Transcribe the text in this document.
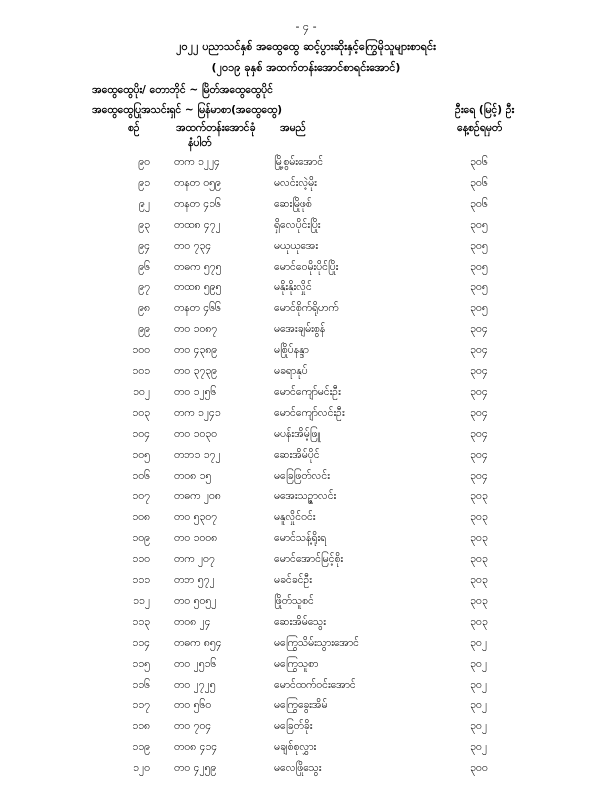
- ၄ -
၂၀၂၂ ပညာသင်နှစ် အထွေထွေ ဆင့်ပွားဆိုးနှင့်ကြွေမိုသူများစာရင်း
(၂၀၁၉ ခုနှစ် အထက်တန်းအောင်စာရင်းအောင်)
အထွေထွေပိုး/ တောဘိုင် ~ မြိတ်အထွေထွေပိုင်
အထွေထွေပြုအသင်းရှင် ~ မြန်မာစာ(အထွေထွေ)	ဦးရေ (မြင့်) ဦး
စဉ်	အထက်တန်းအောင်ခုံ
နံပါတ်
အမည်	နေ့စဉ်ရမှတ်
၉၀ တက ၁၂၂၄	မြို့စွမ်းအောင်	၃၀၆
၉၁ တနတ ၀၅၉	မလင်းလဲ့မိုး	၃၀၆
၉၂ တနတ ၄၁၆	ဆေးမြိုဖုစ်	၃၀၆
၉၃ တထ၈ ၄၇၂	ရှိလေပိုင်းပြိုး	၃၀၅
၉၄ တဝ ၇၃၄	မယုယုအေး	၃၀၅
၉၆ တဓက ၅၇၅	မောင်ဝေမိုးပိုင်ပြိုး	၃၀၅
၉၇ တထ၈ ၅၉၅	မနိုးနိုးလှိုင်	၃၀၅
၉၈ တနတ ၄၆၆	မောင်စိုက်ရိုဟက်	၃၀၅
၉၉ တဝ ၁၀၈၇	မအေးချမ်းစွန်	၃၀၄
၁၀၀ တဝ ၄၃၈၉	မစြိုပ်နန္ဒာ	၃၀၄
၁၀၁ တဝ ၃၇၃၉	မခရာနုပ်	၃၀၄
၁၀၂ တဝ ၁၂၅၆	မောင်ကျော်မင်းဦး	၃၀၄
၁၀၃ တက ၁၂၄၁	မောင်ကျော်လင်းဦး	၃၀၄
၁၀၄ တဝ ၁၀၃၀	မပန်းအိမ့်ဖြူ	၃၀၄
၁၀၅ တဘ၁ ၁၇၂	ဆေးအိမ်ပိုင်	၃၀၄
၁၀၆ တဝ၈ ၁၅	မခြေဖြတ်လင်း	၃၀၄
၁၀၇ တဓက ၂၀၈	မအေးသဉ္ဇာလင်း	၃၀၃
၁၀၈ တဝ ၅၃၀၇	မနူလှိုင်ဝင်း	၃၀၃
၁၀၉ တဝ ၁၀၀၈	မောင်သန့်ရိုးရ	၃၀၃
၁၁၀ တက ၂၀၇	မောင်အောင်မြင့်စိုး	၃၀၃
၁၁၁ တဘ ၅၇၂	မခင်ခင်ဦး	၃၀၃
၁၁၂ တဝ ၅၀၅၂	ဖြိုတ်သူစင်	၃၀၃
၁၁၃ တဝ၈ ၂၄	ဆေးအိမ်သွေး	၃၀၃
၁၁၄ တဓက ၈၅၄	မကြွေသိမ်းသွားအောင်	၃၀၂
၁၁၅ တဝ ၂၅၁၆	မကြွေသူစာ	၃၀၂
၁၁၆ တဝ ၂၇၂၅	မောင်ထက်ဝင်းအောင်	၃၀၂
၁၁၇ တဝ ၅၆၀	မကြွေခွေးအိမ်	၃၀၂
၁၁၈ တဝ ၇၀၄	မခြေတ်ခိုး	၃၀၂
၁၁၉ တဝ၈ ၄၁၄	မချစ်စုလွှား	၃၀၂
၁၂၀ တဝ ၄၂၅၉	မလေဖြိုသွေး	၃၀၀
